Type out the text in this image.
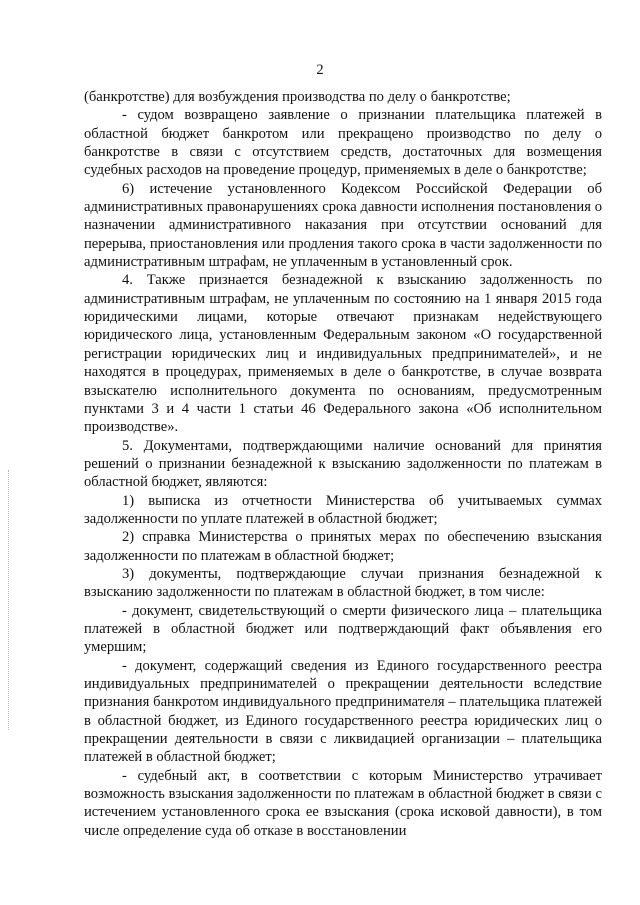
2

(банкротстве) для возбуждения производства по делу о банкротстве;

- судом возвращено заявление о признании плательщика платежей в областной бюджет банкротом или прекращено производство по делу о банкротстве в связи с отсутствием средств, достаточных для возмещения судебных расходов на проведение процедур, применяемых в деле о банкротстве;

6) истечение установленного Кодексом Российской Федерации об административных правонарушениях срока давности исполнения постановления о назначении административного наказания при отсутствии оснований для перерыва, приостановления или продления такого срока в части задолженности по административным штрафам, не уплаченным в установленный срок.

4. Также признается безнадежной к взысканию задолженность по административным штрафам, не уплаченным по состоянию на 1 января 2015 года юридическими лицами, которые отвечают признакам недействующего юридического лица, установленным Федеральным законом «О государственной регистрации юридических лиц и индивидуальных предпринимателей», и не находятся в процедурах, применяемых в деле о банкротстве, в случае возврата взыскателю исполнительного документа по основаниям, предусмотренным пунктами 3 и 4 части 1 статьи 46 Федерального закона «Об исполнительном производстве».

5. Документами, подтверждающими наличие оснований для принятия решений о признании безнадежной к взысканию задолженности по платежам в областной бюджет, являются:

1) выписка из отчетности Министерства об учитываемых суммах задолженности по уплате платежей в областной бюджет;

2) справка Министерства о принятых мерах по обеспечению взыскания задолженности по платежам в областной бюджет;

3) документы, подтверждающие случаи признания безнадежной к взысканию задолженности по платежам в областной бюджет, в том числе:

- документ, свидетельствующий о смерти физического лица – плательщика платежей в областной бюджет или подтверждающий факт объявления его умершим;

- документ, содержащий сведения из Единого государственного реестра индивидуальных предпринимателей о прекращении деятельности вследствие признания банкротом индивидуального предпринимателя – плательщика платежей в областной бюджет, из Единого государственного реестра юридических лиц о прекращении деятельности в связи с ликвидацией организации – плательщика платежей в областной бюджет;

- судебный акт, в соответствии с которым Министерство утрачивает возможность взыскания задолженности по платежам в областной бюджет в связи с истечением установленного срока ее взыскания (срока исковой давности), в том числе определение суда об отказе в восстановлении
